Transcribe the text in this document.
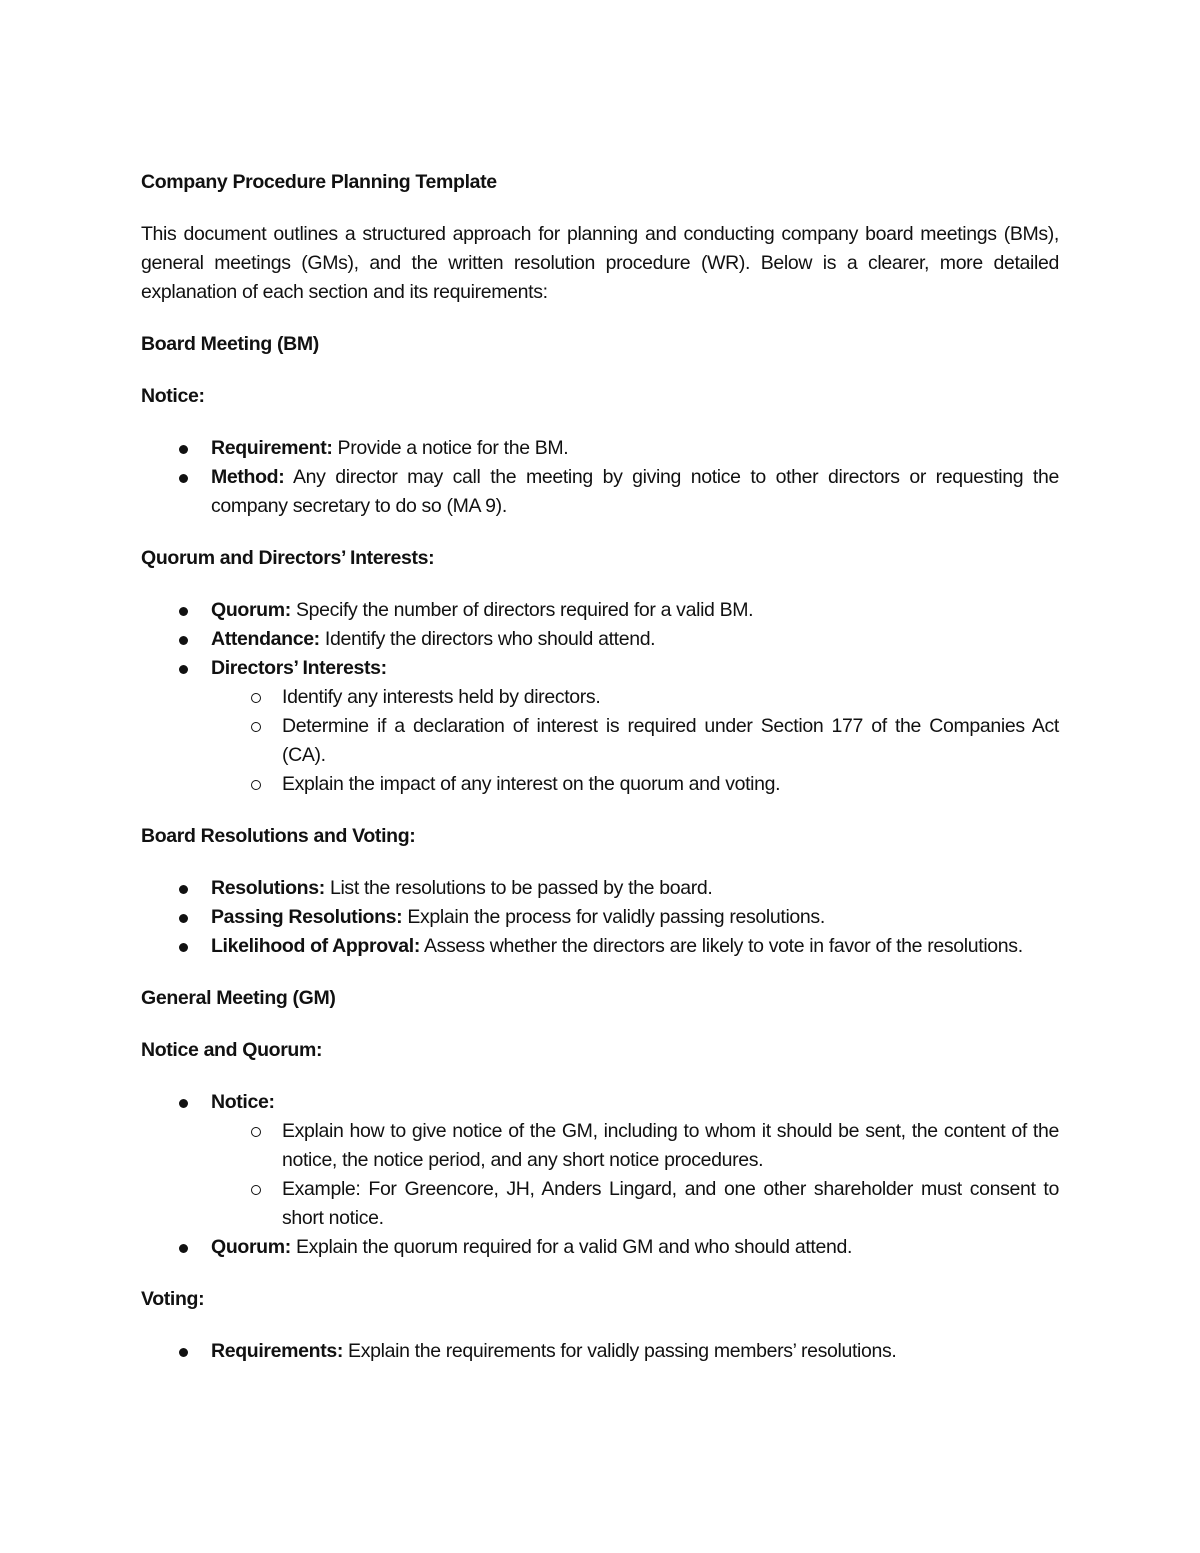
Company Procedure Planning Template
This document outlines a structured approach for planning and conducting company board meetings (BMs), general meetings (GMs), and the written resolution procedure (WR). Below is a clearer, more detailed explanation of each section and its requirements:
Board Meeting (BM)
Notice:
Requirement: Provide a notice for the BM.
Method: Any director may call the meeting by giving notice to other directors or requesting the company secretary to do so (MA 9).
Quorum and Directors’ Interests:
Quorum: Specify the number of directors required for a valid BM.
Attendance: Identify the directors who should attend.
Directors’ Interests:
Identify any interests held by directors.
Determine if a declaration of interest is required under Section 177 of the Companies Act (CA).
Explain the impact of any interest on the quorum and voting.
Board Resolutions and Voting:
Resolutions: List the resolutions to be passed by the board.
Passing Resolutions: Explain the process for validly passing resolutions.
Likelihood of Approval: Assess whether the directors are likely to vote in favor of the resolutions.
General Meeting (GM)
Notice and Quorum:
Notice:
Explain how to give notice of the GM, including to whom it should be sent, the content of the notice, the notice period, and any short notice procedures.
Example: For Greencore, JH, Anders Lingard, and one other shareholder must consent to short notice.
Quorum: Explain the quorum required for a valid GM and who should attend.
Voting:
Requirements: Explain the requirements for validly passing members’ resolutions.
